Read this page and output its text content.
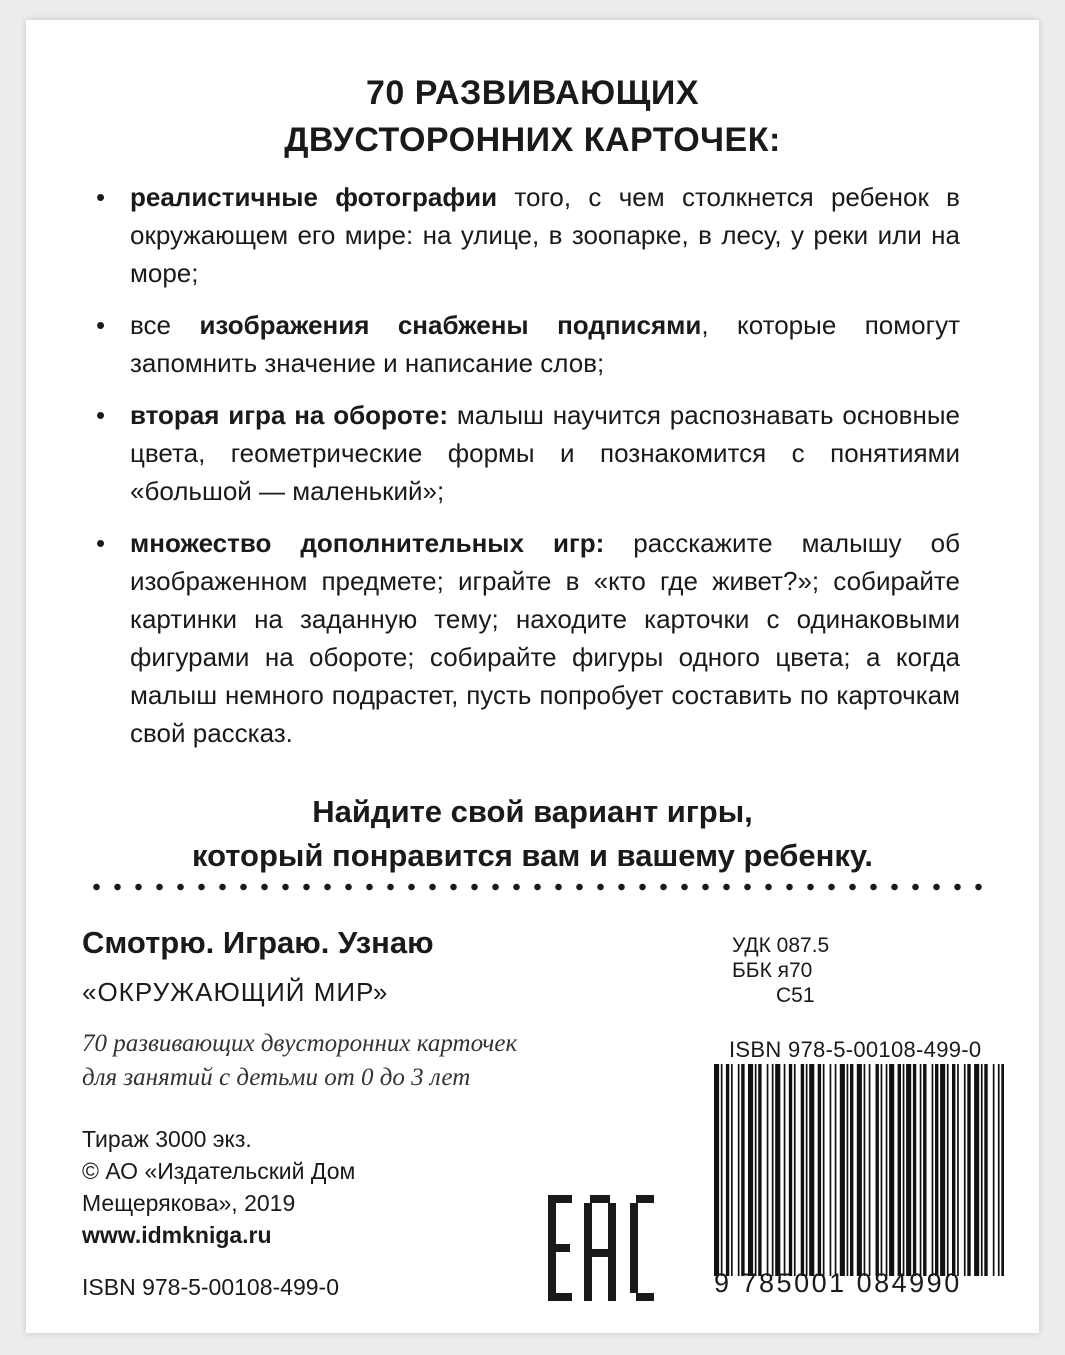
70 РАЗВИВАЮЩИХ
ДВУСТОРОННИХ КАРТОЧЕК:
• реалистичные фотографии того, с чем столкнется ребенок в окружающем его мире: на улице, в зоопарке, в лесу, у реки или на море;
• все изображения снабжены подписями, которые помогут запомнить значение и написание слов;
• вторая игра на обороте: малыш научится распознавать основные цвета, геометрические формы и познакомится с понятиями «большой — маленький»;
• множество дополнительных игр: расскажите малышу об изображенном предмете; играйте в «кто где живет?»; собирайте картинки на заданную тему; находите карточки с одинаковыми фигурами на обороте; собирайте фигуры одного цвета; а когда малыш немного подрастет, пусть попробует составить по карточкам свой рассказ.
Найдите свой вариант игры,
который понравится вам и вашему ребенку.
Смотрю. Играю. Узнаю
«ОКРУЖАЮЩИЙ МИР»
70 развивающих двусторонних карточек
для занятий с детьми от 0 до 3 лет
Тираж 3000 экз.
© АО «Издательский Дом
Мещерякова», 2019
www.idmkniga.ru
ISBN 978-5-00108-499-0
УДК 087.5
ББК я70
С51
ISBN 978-5-00108-499-0
9 785001 084990
